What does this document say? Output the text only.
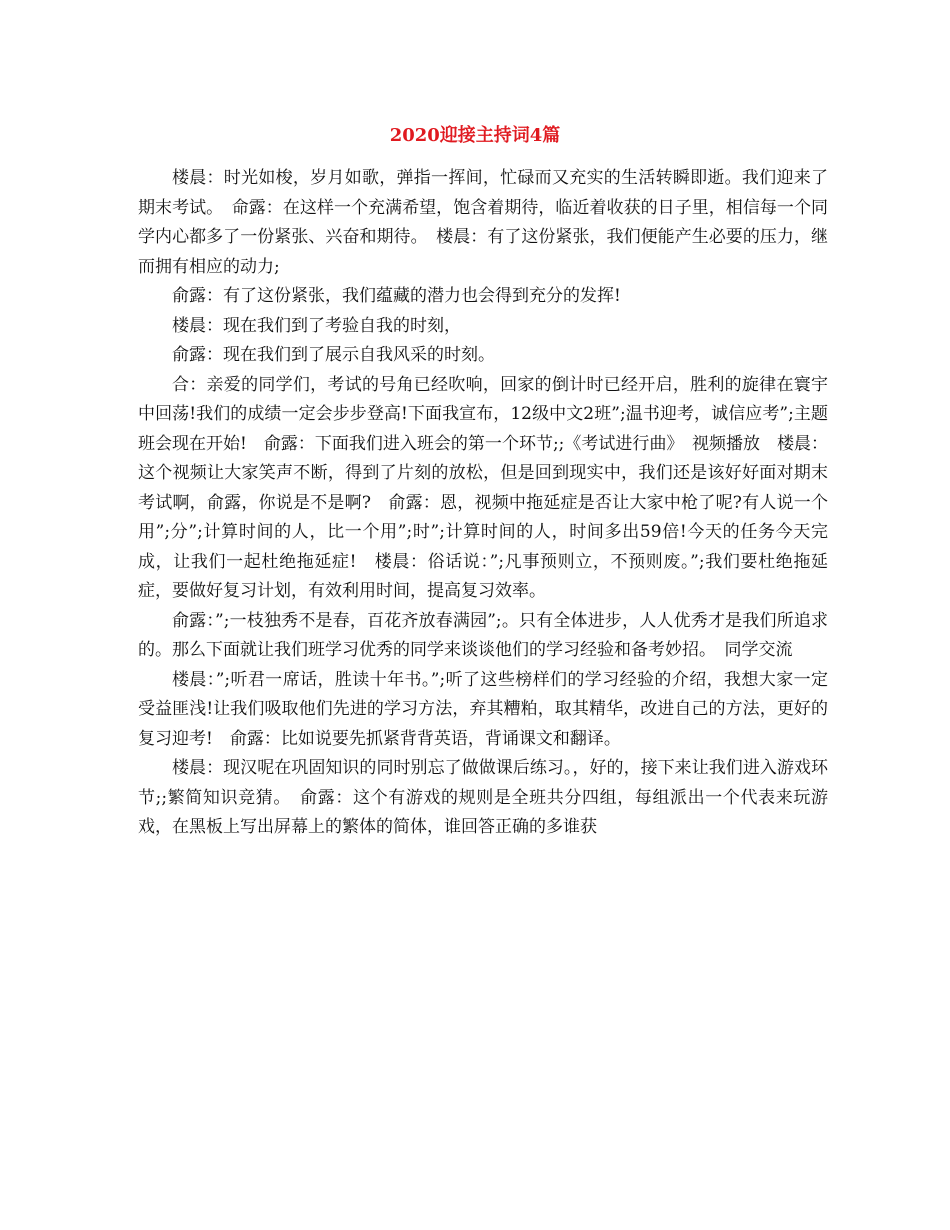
2020迎接主持词4篇

楼晨：时光如梭，岁月如歌，弹指一挥间，忙碌而又充实的生活转瞬即逝。我们迎来了期末考试。　命露：在这样一个充满希望，饱含着期待，临近着收获的日子里，相信每一个同学内心都多了一份紧张、兴奋和期待。　楼晨：有了这份紧张，我们便能产生必要的压力，继而拥有相应的动力;

俞露：有了这份紧张，我们蕴藏的潜力也会得到充分的发挥!

楼晨：现在我们到了考验自我的时刻，

俞露：现在我们到了展示自我风采的时刻。

合：亲爱的同学们，考试的号角已经吹响，回家的倒计时已经开启，胜利的旋律在寰宇中回荡!我们的成绩一定会步步登高!下面我宣布，12级中文2班”;温书迎考，诚信应考”;主题班会现在开始!　俞露：下面我们进入班会的第一个环节;;《考试进行曲》　视频播放　楼晨：这个视频让大家笑声不断，得到了片刻的放松，但是回到现实中，我们还是该好好面对期末考试啊，俞露，你说是不是啊?　俞露：恩，视频中拖延症是否让大家中枪了呢?有人说一个用”;分”;计算时间的人，比一个用”;时”;计算时间的人，时间多出59倍!今天的任务今天完成，让我们一起杜绝拖延症!　楼晨：俗话说：”;凡事预则立，不预则废。”;我们要杜绝拖延症，要做好复习计划，有效利用时间，提高复习效率。

俞露：”;一枝独秀不是春，百花齐放春满园”;。只有全体进步，人人优秀才是我们所追求的。那么下面就让我们班学习优秀的同学来谈谈他们的学习经验和备考妙招。　同学交流

楼晨：”;听君一席话，胜读十年书。”;听了这些榜样们的学习经验的介绍，我想大家一定受益匪浅!让我们吸取他们先进的学习方法，弃其糟粕，取其精华，改进自己的方法，更好的复习迎考!　俞露：比如说要先抓紧背背英语，背诵课文和翻译。

楼晨：现汉呢在巩固知识的同时别忘了做做课后练习。，好的，接下来让我们进入游戏环节;;繁简知识竞猜。　俞露：这个有游戏的规则是全班共分四组，每组派出一个代表来玩游戏，在黑板上写出屏幕上的繁体的简体，谁回答正确的多谁获
